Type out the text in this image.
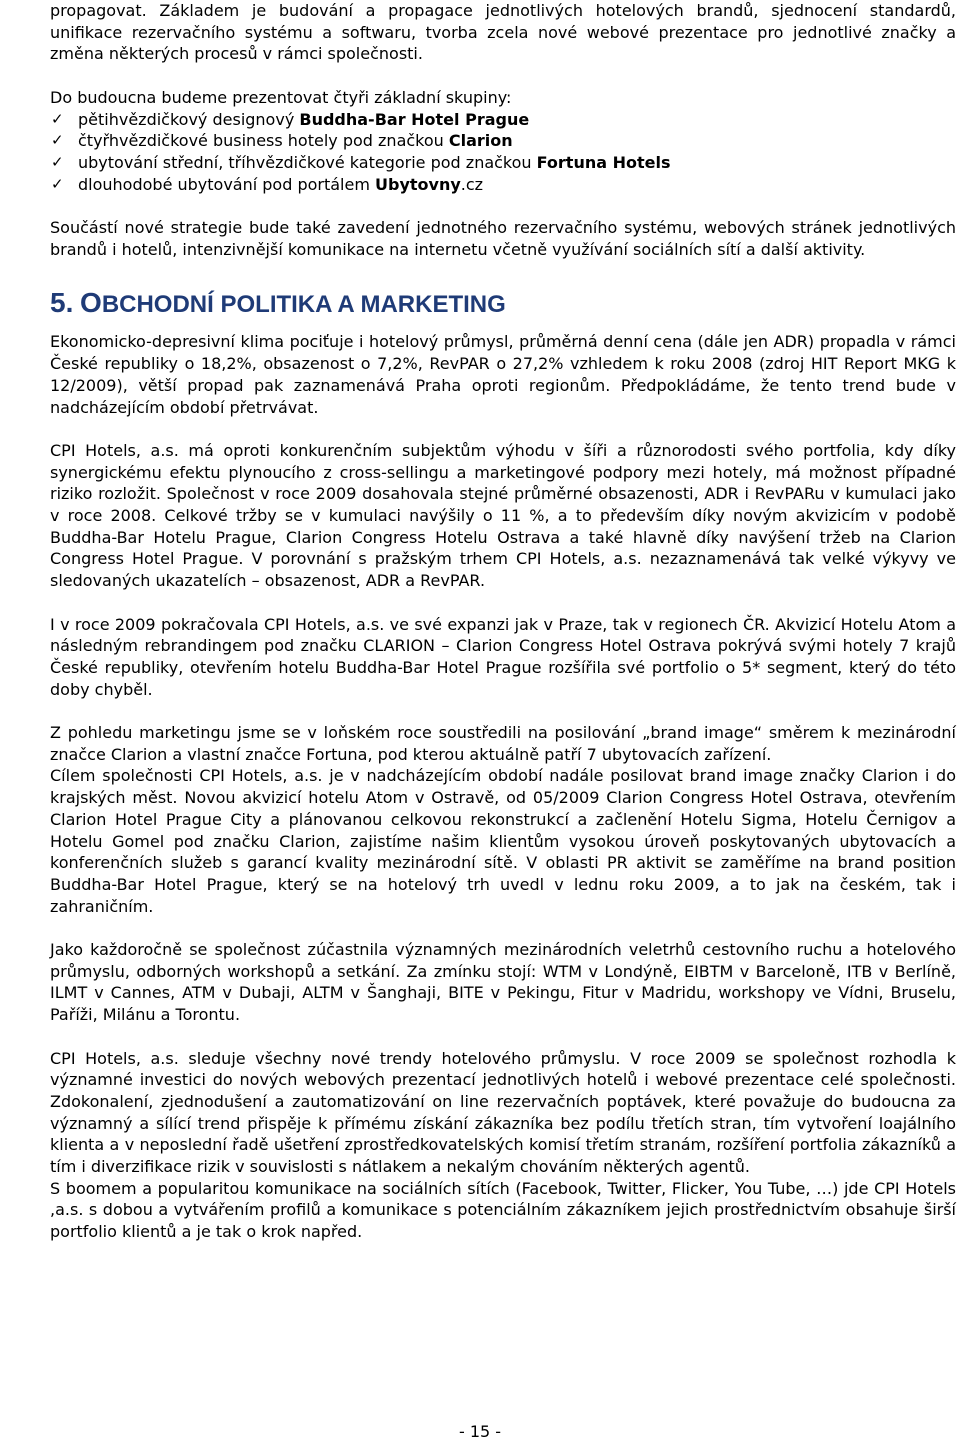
propagovat. Základem je budování a propagace jednotlivých hotelových brandů, sjednocení standardů, unifikace rezervačního systému a softwaru, tvorba zcela nové webové prezentace pro jednotlivé značky a změna některých procesů v rámci společnosti.

Do budoucna budeme prezentovat čtyři základní skupiny:

✓ pětihvězdičkový designový Buddha-Bar Hotel Prague
✓ čtyřhvězdičkové business hotely pod značkou Clarion
✓ ubytování střední, tříhvězdičkové kategorie pod značkou Fortuna Hotels
✓ dlouhodobé ubytování pod portálem Ubytovny.cz

Součástí nové strategie bude také zavedení jednotného rezervačního systému, webových stránek jednotlivých brandů i hotelů, intenzivnější komunikace na internetu včetně využívání sociálních sítí a další aktivity.

5. OBCHODNÍ POLITIKA A MARKETING

Ekonomicko-depresivní klima pociťuje i hotelový průmysl, průměrná denní cena (dále jen ADR) propadla v rámci České republiky o 18,2%, obsazenost o 7,2%, RevPAR o 27,2% vzhledem k roku 2008 (zdroj HIT Report MKG k 12/2009), větší propad pak zaznamenává Praha oproti regionům. Předpokládáme, že tento trend bude v nadcházejícím období přetrvávat.

CPI Hotels, a.s. má oproti konkurenčním subjektům výhodu v šíři a různorodosti svého portfolia, kdy díky synergickému efektu plynoucího z cross-sellingu a marketingové podpory mezi hotely, má možnost případné riziko rozložit. Společnost v roce 2009 dosahovala stejné průměrné obsazenosti, ADR i RevPARu v kumulaci jako v roce 2008. Celkové tržby se v kumulaci navýšily o 11 %, a to především díky novým akvizicím v podobě Buddha-Bar Hotelu Prague, Clarion Congress Hotelu Ostrava a také hlavně díky navýšení tržeb na Clarion Congress Hotel Prague. V porovnání s pražským trhem CPI Hotels, a.s. nezaznamenává tak velké výkyvy ve sledovaných ukazatelích – obsazenost, ADR a RevPAR.

I v roce 2009 pokračovala CPI Hotels, a.s. ve své expanzi jak v Praze, tak v regionech ČR. Akvizicí Hotelu Atom a následným rebrandingem pod značku CLARION – Clarion Congress Hotel Ostrava pokrývá svými hotely 7 krajů České republiky, otevřením hotelu Buddha-Bar Hotel Prague rozšířila své portfolio o 5* segment, který do této doby chyběl.

Z pohledu marketingu jsme se v loňském roce soustředili na posilování „brand image“ směrem k mezinárodní značce Clarion a vlastní značce Fortuna, pod kterou aktuálně patří 7 ubytovacích zařízení.

Cílem společnosti CPI Hotels, a.s. je v nadcházejícím období nadále posilovat brand image značky Clarion i do krajských měst. Novou akvizicí hotelu Atom v Ostravě, od 05/2009 Clarion Congress Hotel Ostrava, otevřením Clarion Hotel Prague City a plánovanou celkovou rekonstrukcí a začlenění Hotelu Sigma, Hotelu Černigov a Hotelu Gomel pod značku Clarion, zajistíme našim klientům vysokou úroveň poskytovaných ubytovacích a konferenčních služeb s garancí kvality mezinárodní sítě. V oblasti PR aktivit se zaměříme na brand position Buddha-Bar Hotel Prague, který se na hotelový trh uvedl v lednu roku 2009, a to jak na českém, tak i zahraničním.

Jako každoročně se společnost zúčastnila významných mezinárodních veletrhů cestovního ruchu a hotelového průmyslu, odborných workshopů a setkání. Za zmínku stojí: WTM v Londýně, EIBTM v Barceloně, ITB v Berlíně, ILMT v Cannes, ATM v Dubaji, ALTM v Šanghaji, BITE v Pekingu, Fitur v Madridu, workshopy ve Vídni, Bruselu, Paříži, Milánu a Torontu.

CPI Hotels, a.s. sleduje všechny nové trendy hotelového průmyslu. V roce 2009 se společnost rozhodla k významné investici do nových webových prezentací jednotlivých hotelů i webové prezentace celé společnosti. Zdokonalení, zjednodušení a zautomatizování on line rezervačních poptávek, které považuje do budoucna za významný a sílící trend přispěje k přímému získání zákazníka bez podílu třetích stran, tím vytvoření loajálního klienta a v neposlední řadě ušetření zprostředkovatelských komisí třetím stranám, rozšíření portfolia zákazníků a tím i diverzifikace rizik v souvislosti s nátlakem a nekalým chováním některých agentů.

S boomem a popularitou komunikace na sociálních sítích (Facebook, Twitter, Flicker, You Tube, …) jde CPI Hotels ,a.s. s dobou a vytvářením profilů a komunikace s potenciálním zákazníkem jejich prostřednictvím obsahuje širší portfolio klientů a je tak o krok napřed.

- 15 -
